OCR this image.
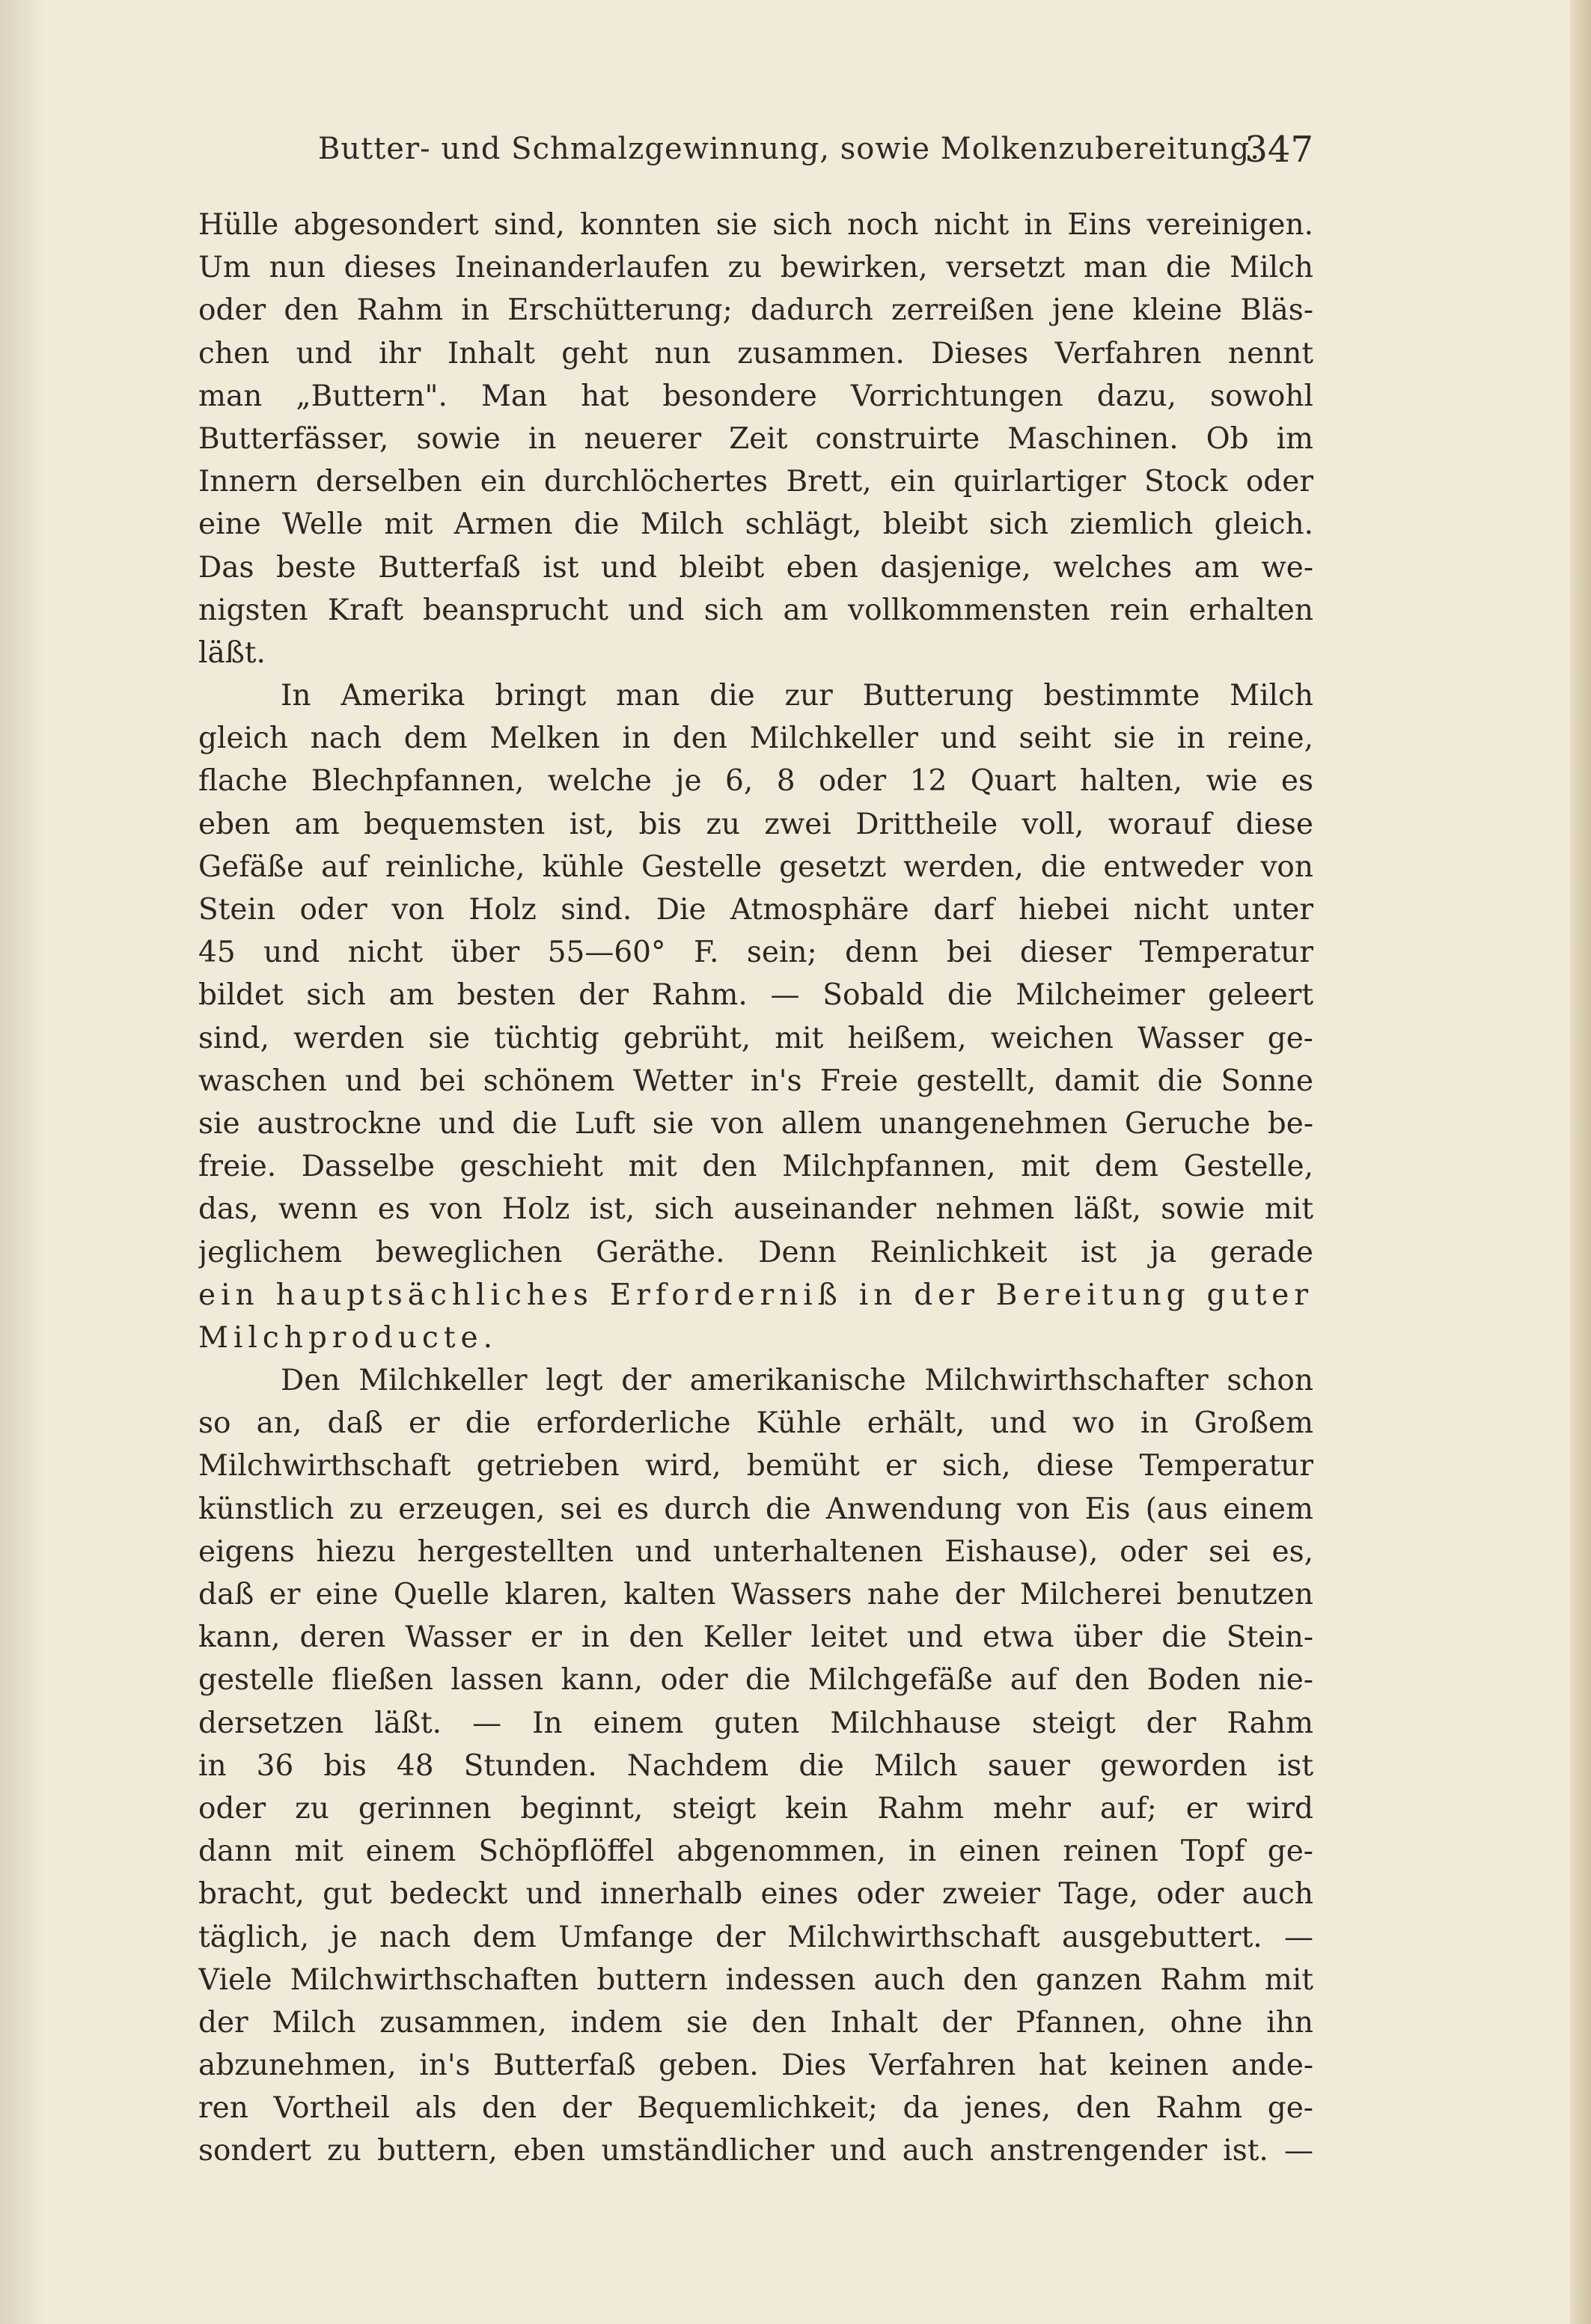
Butter- und Schmalzgewinnung, sowie Molkenzubereitung.
347
Hülle abgesondert sind, konnten sie sich noch nicht in Eins vereinigen.
Um nun dieses Ineinanderlaufen zu bewirken, versetzt man die Milch
oder den Rahm in Erschütterung; dadurch zerreißen jene kleine Bläs-
chen und ihr Inhalt geht nun zusammen. Dieses Verfahren nennt
man „Buttern". Man hat besondere Vorrichtungen dazu, sowohl
Butterfässer, sowie in neuerer Zeit construirte Maschinen. Ob im
Innern derselben ein durchlöchertes Brett, ein quirlartiger Stock oder
eine Welle mit Armen die Milch schlägt, bleibt sich ziemlich gleich.
Das beste Butterfaß ist und bleibt eben dasjenige, welches am we-
nigsten Kraft beansprucht und sich am vollkommensten rein erhalten
läßt.
In Amerika bringt man die zur Butterung bestimmte Milch
gleich nach dem Melken in den Milchkeller und seiht sie in reine,
flache Blechpfannen, welche je 6, 8 oder 12 Quart halten, wie es
eben am bequemsten ist, bis zu zwei Drittheile voll, worauf diese
Gefäße auf reinliche, kühle Gestelle gesetzt werden, die entweder von
Stein oder von Holz sind. Die Atmosphäre darf hiebei nicht unter
45 und nicht über 55—60° F. sein; denn bei dieser Temperatur
bildet sich am besten der Rahm. — Sobald die Milcheimer geleert
sind, werden sie tüchtig gebrüht, mit heißem, weichen Wasser ge-
waschen und bei schönem Wetter in's Freie gestellt, damit die Sonne
sie austrockne und die Luft sie von allem unangenehmen Geruche be-
freie. Dasselbe geschieht mit den Milchpfannen, mit dem Gestelle,
das, wenn es von Holz ist, sich auseinander nehmen läßt, sowie mit
jeglichem beweglichen Geräthe. Denn Reinlichkeit ist ja gerade
ein hauptsächliches Erforderniß in der Bereitung guter
Milchproducte.
Den Milchkeller legt der amerikanische Milchwirthschafter schon
so an, daß er die erforderliche Kühle erhält, und wo in Großem
Milchwirthschaft getrieben wird, bemüht er sich, diese Temperatur
künstlich zu erzeugen, sei es durch die Anwendung von Eis (aus einem
eigens hiezu hergestellten und unterhaltenen Eishause), oder sei es,
daß er eine Quelle klaren, kalten Wassers nahe der Milcherei benutzen
kann, deren Wasser er in den Keller leitet und etwa über die Stein-
gestelle fließen lassen kann, oder die Milchgefäße auf den Boden nie-
dersetzen läßt. — In einem guten Milchhause steigt der Rahm
in 36 bis 48 Stunden. Nachdem die Milch sauer geworden ist
oder zu gerinnen beginnt, steigt kein Rahm mehr auf; er wird
dann mit einem Schöpflöffel abgenommen, in einen reinen Topf ge-
bracht, gut bedeckt und innerhalb eines oder zweier Tage, oder auch
täglich, je nach dem Umfange der Milchwirthschaft ausgebuttert. —
Viele Milchwirthschaften buttern indessen auch den ganzen Rahm mit
der Milch zusammen, indem sie den Inhalt der Pfannen, ohne ihn
abzunehmen, in's Butterfaß geben. Dies Verfahren hat keinen ande-
ren Vortheil als den der Bequemlichkeit; da jenes, den Rahm ge-
sondert zu buttern, eben umständlicher und auch anstrengender ist. —
